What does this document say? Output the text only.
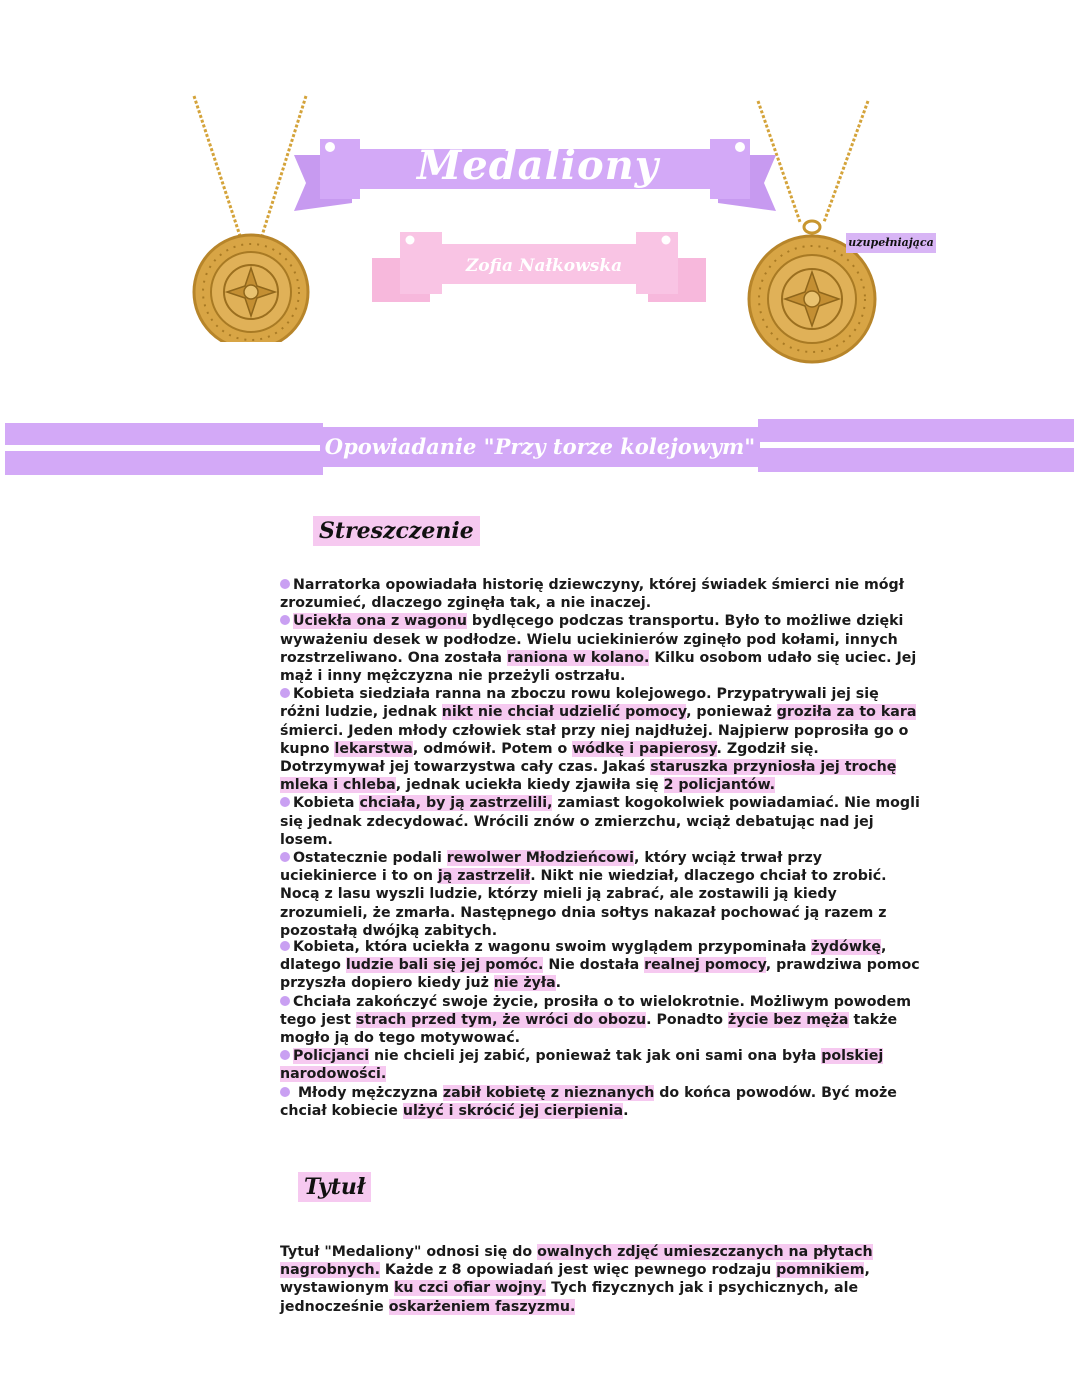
Medaliony
Zofia Nałkowska
uzupełniająca
Opowiadanie "Przy torze kolejowym"
Streszczenie

Narratorka opowiadała historię dziewczyny, której świadek śmierci nie mógł zrozumieć, dlaczego zginęła tak, a nie inaczej.

Uciekła ona z wagonu bydlęcego podczas transportu. Było to możliwe dzięki wyważeniu desek w podłodze. Wielu uciekinierów zginęło pod kołami, innych rozstrzeliwano. Ona została raniona w kolano. Kilku osobom udało się uciec. Jej mąż i inny mężczyzna nie przeżyli ostrzału.

Kobieta siedziała ranna na zboczu rowu kolejowego. Przypatrywali jej się różni ludzie, jednak nikt nie chciał udzielić pomocy, ponieważ groziła za to kara śmierci. Jeden młody człowiek stał przy niej najdłużej. Najpierw poprosiła go o kupno lekarstwa, odmówił. Potem o wódkę i papierosy. Zgodził się. Dotrzymywał jej towarzystwa cały czas. Jakaś staruszka przyniosła jej trochę mleka i chleba, jednak uciekła kiedy zjawiła się 2 policjantów.

Kobieta chciała, by ją zastrzelili, zamiast kogokolwiek powiadamiać. Nie mogli się jednak zdecydować. Wrócili znów o zmierzchu, wciąż debatując nad jej losem.

Ostatecznie podali rewolwer Młodzieńcowi, który wciąż trwał przy uciekinierce i to on ją zastrzelił. Nikt nie wiedział, dlaczego chciał to zrobić. Nocą z lasu wyszli ludzie, którzy mieli ją zabrać, ale zostawili ją kiedy zrozumieli, że zmarła. Następnego dnia sołtys nakazał pochować ją razem z pozostałą dwójką zabitych.

Kobieta, która uciekła z wagonu swoim wyglądem przypominała żydówkę, dlatego ludzie bali się jej pomóc. Nie dostała realnej pomocy, prawdziwa pomoc przyszła dopiero kiedy już nie żyła.

Chciała zakończyć swoje życie, prosiła o to wielokrotnie. Możliwym powodem tego jest strach przed tym, że wróci do obozu. Ponadto życie bez męża także mogło ją do tego motywować.

Policjanci nie chcieli jej zabić, ponieważ tak jak oni sami ona była polskiej narodowości.

Młody mężczyzna zabił kobietę z nieznanych do końca powodów. Być może chciał kobiecie ulżyć i skrócić jej cierpienia.

Tytuł

Tytuł "Medaliony" odnosi się do owalnych zdjęć umieszczanych na płytach nagrobnych. Każde z 8 opowiadań jest więc pewnego rodzaju pomnikiem, wystawionym ku czci ofiar wojny. Tych fizycznych jak i psychicznych, ale jednocześnie oskarżeniem faszyzmu.
